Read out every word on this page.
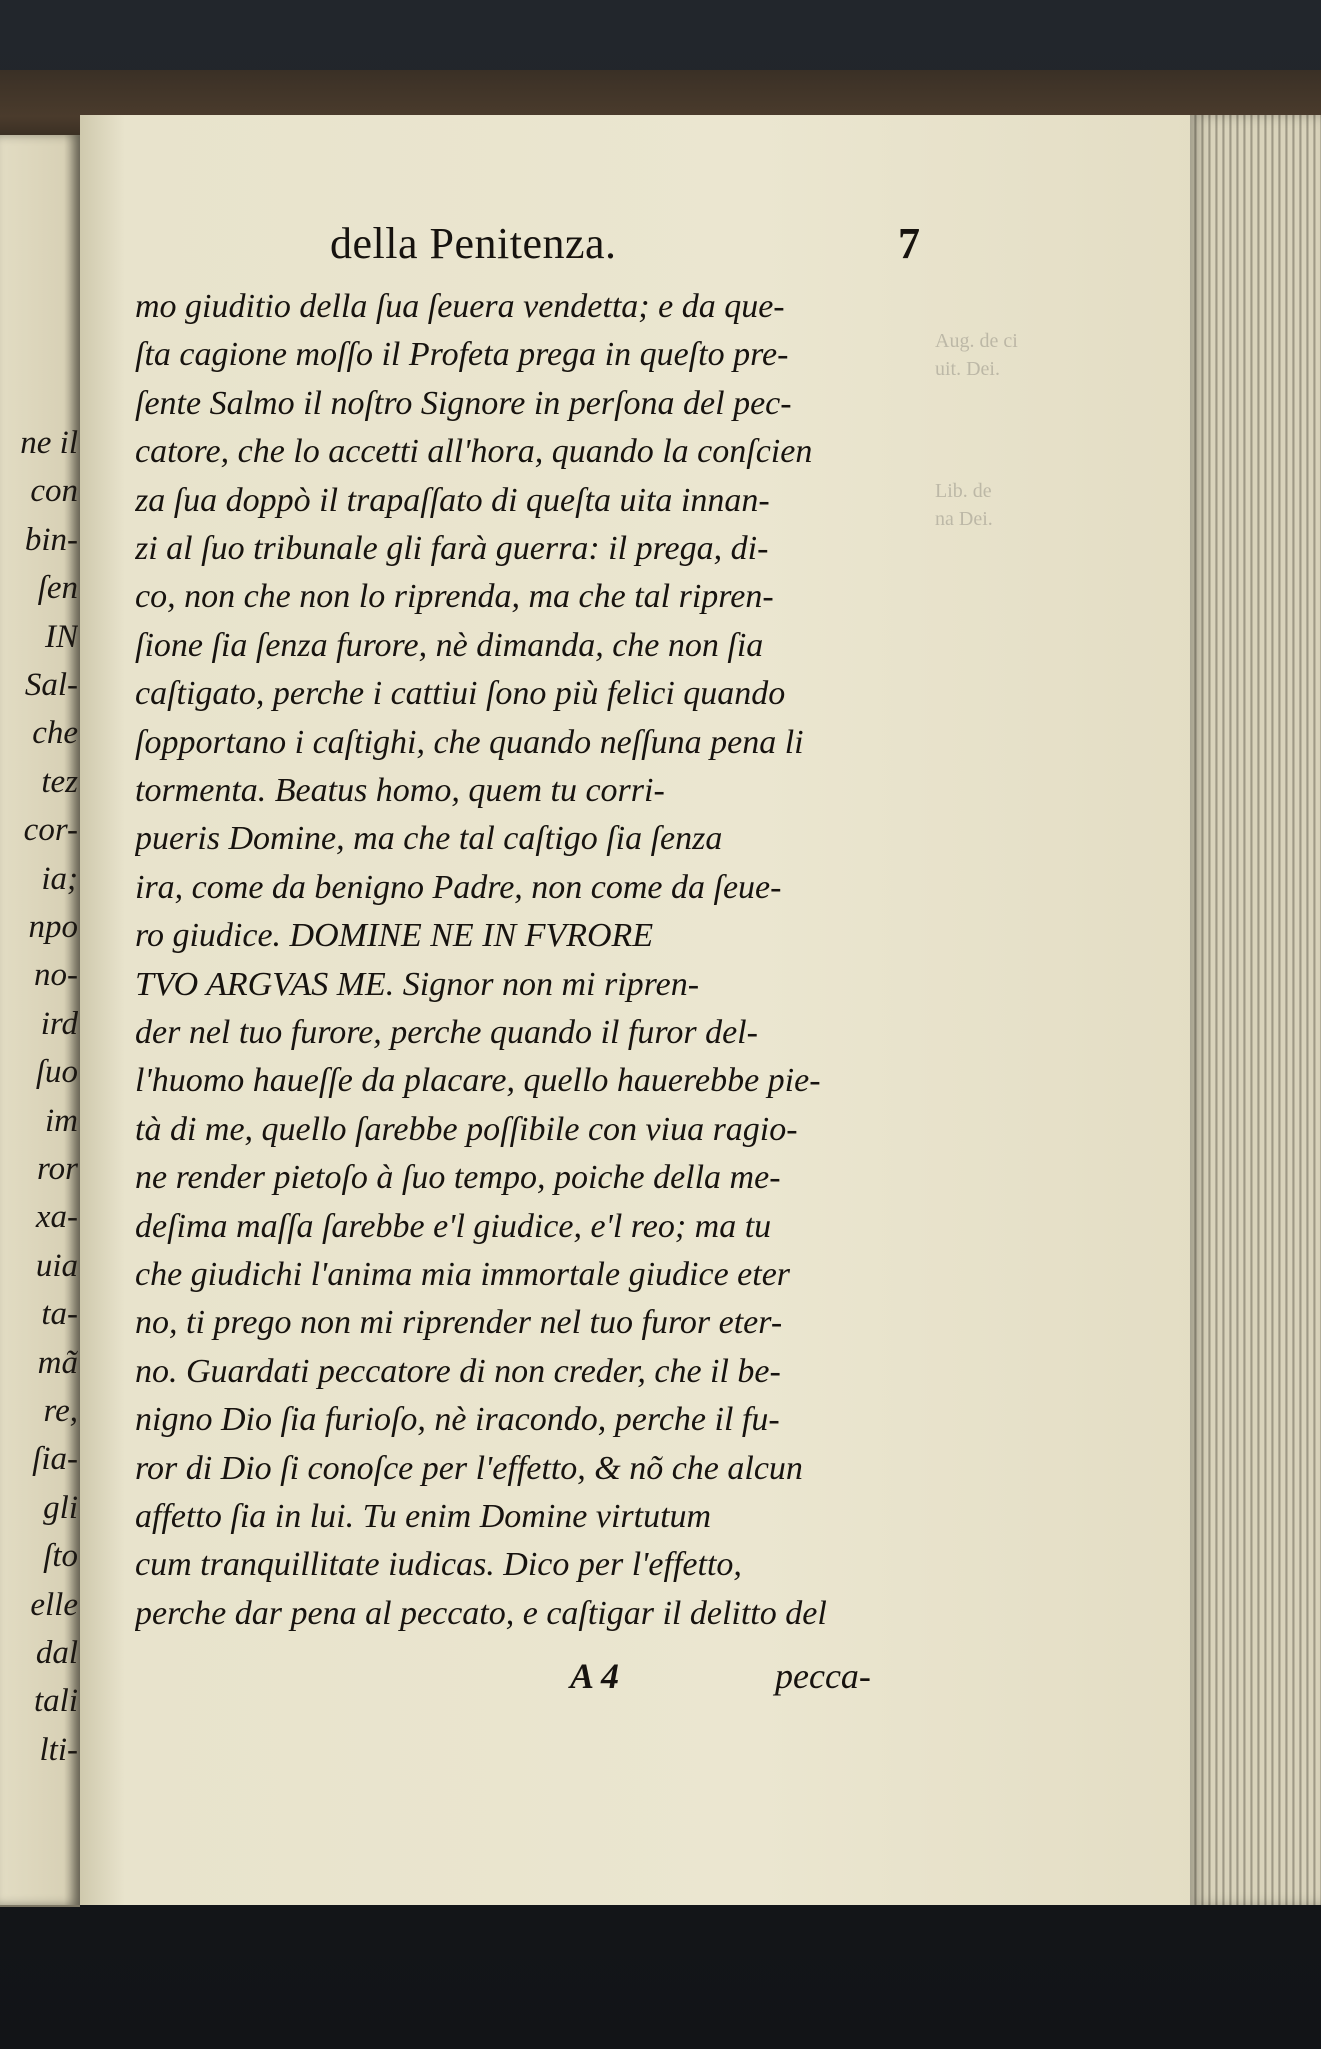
ne il
con
bin-
ſen
IN
Sal-
che
tez
cor-
ia;
npo
no-
ird
ſuo
im
ror
xa-
uia
ta-
mã
re,
ſia-
gli
ſto
elle
dal
tali
lti-
della Penitenza.	7
Aug. de ci
uit. Dei.
Lib. de
na Dei.
mo giuditio della ſua ſeuera vendetta; e da que-
ſta cagione moſſo il Profeta prega in queſto pre-
ſente Salmo il noſtro Signore in perſona del pec-
catore, che lo accetti all'hora, quando la conſcien
za ſua doppò il trapaſſato di queſta uita innan-
zi al ſuo tribunale gli farà guerra: il prega, di-
co, non che non lo riprenda, ma che tal ripren-
ſione ſia ſenza furore, nè dimanda, che non ſia
caſtigato, perche i cattiui ſono più felici quando
ſopportano i caſtighi, che quando neſſuna pena li
tormenta. Beatus homo, quem tu corri-
pueris Domine, ma che tal caſtigo ſia ſenza
ira, come da benigno Padre, non come da ſeue-
ro giudice. DOMINE NE IN FVRORE
TVO ARGVAS ME. Signor non mi ripren-
der nel tuo furore, perche quando il furor del-
l'huomo haueſſe da placare, quello hauerebbe pie-
tà di me, quello ſarebbe poſſibile con viua ragio-
ne render pietoſo à ſuo tempo, poiche della me-
deſima maſſa ſarebbe e'l giudice, e'l reo; ma tu
che giudichi l'anima mia immortale giudice eter
no, ti prego non mi riprender nel tuo furor eter-
no. Guardati peccatore di non creder, che il be-
nigno Dio ſia furioſo, nè iracondo, perche il fu-
ror di Dio ſi conoſce per l'effetto, & nõ che alcun
affetto ſia in lui. Tu enim Domine virtutum
cum tranquillitate iudicas. Dico per l'effetto,
perche dar pena al peccato, e caſtigar il delitto del
A 4	pecca-
